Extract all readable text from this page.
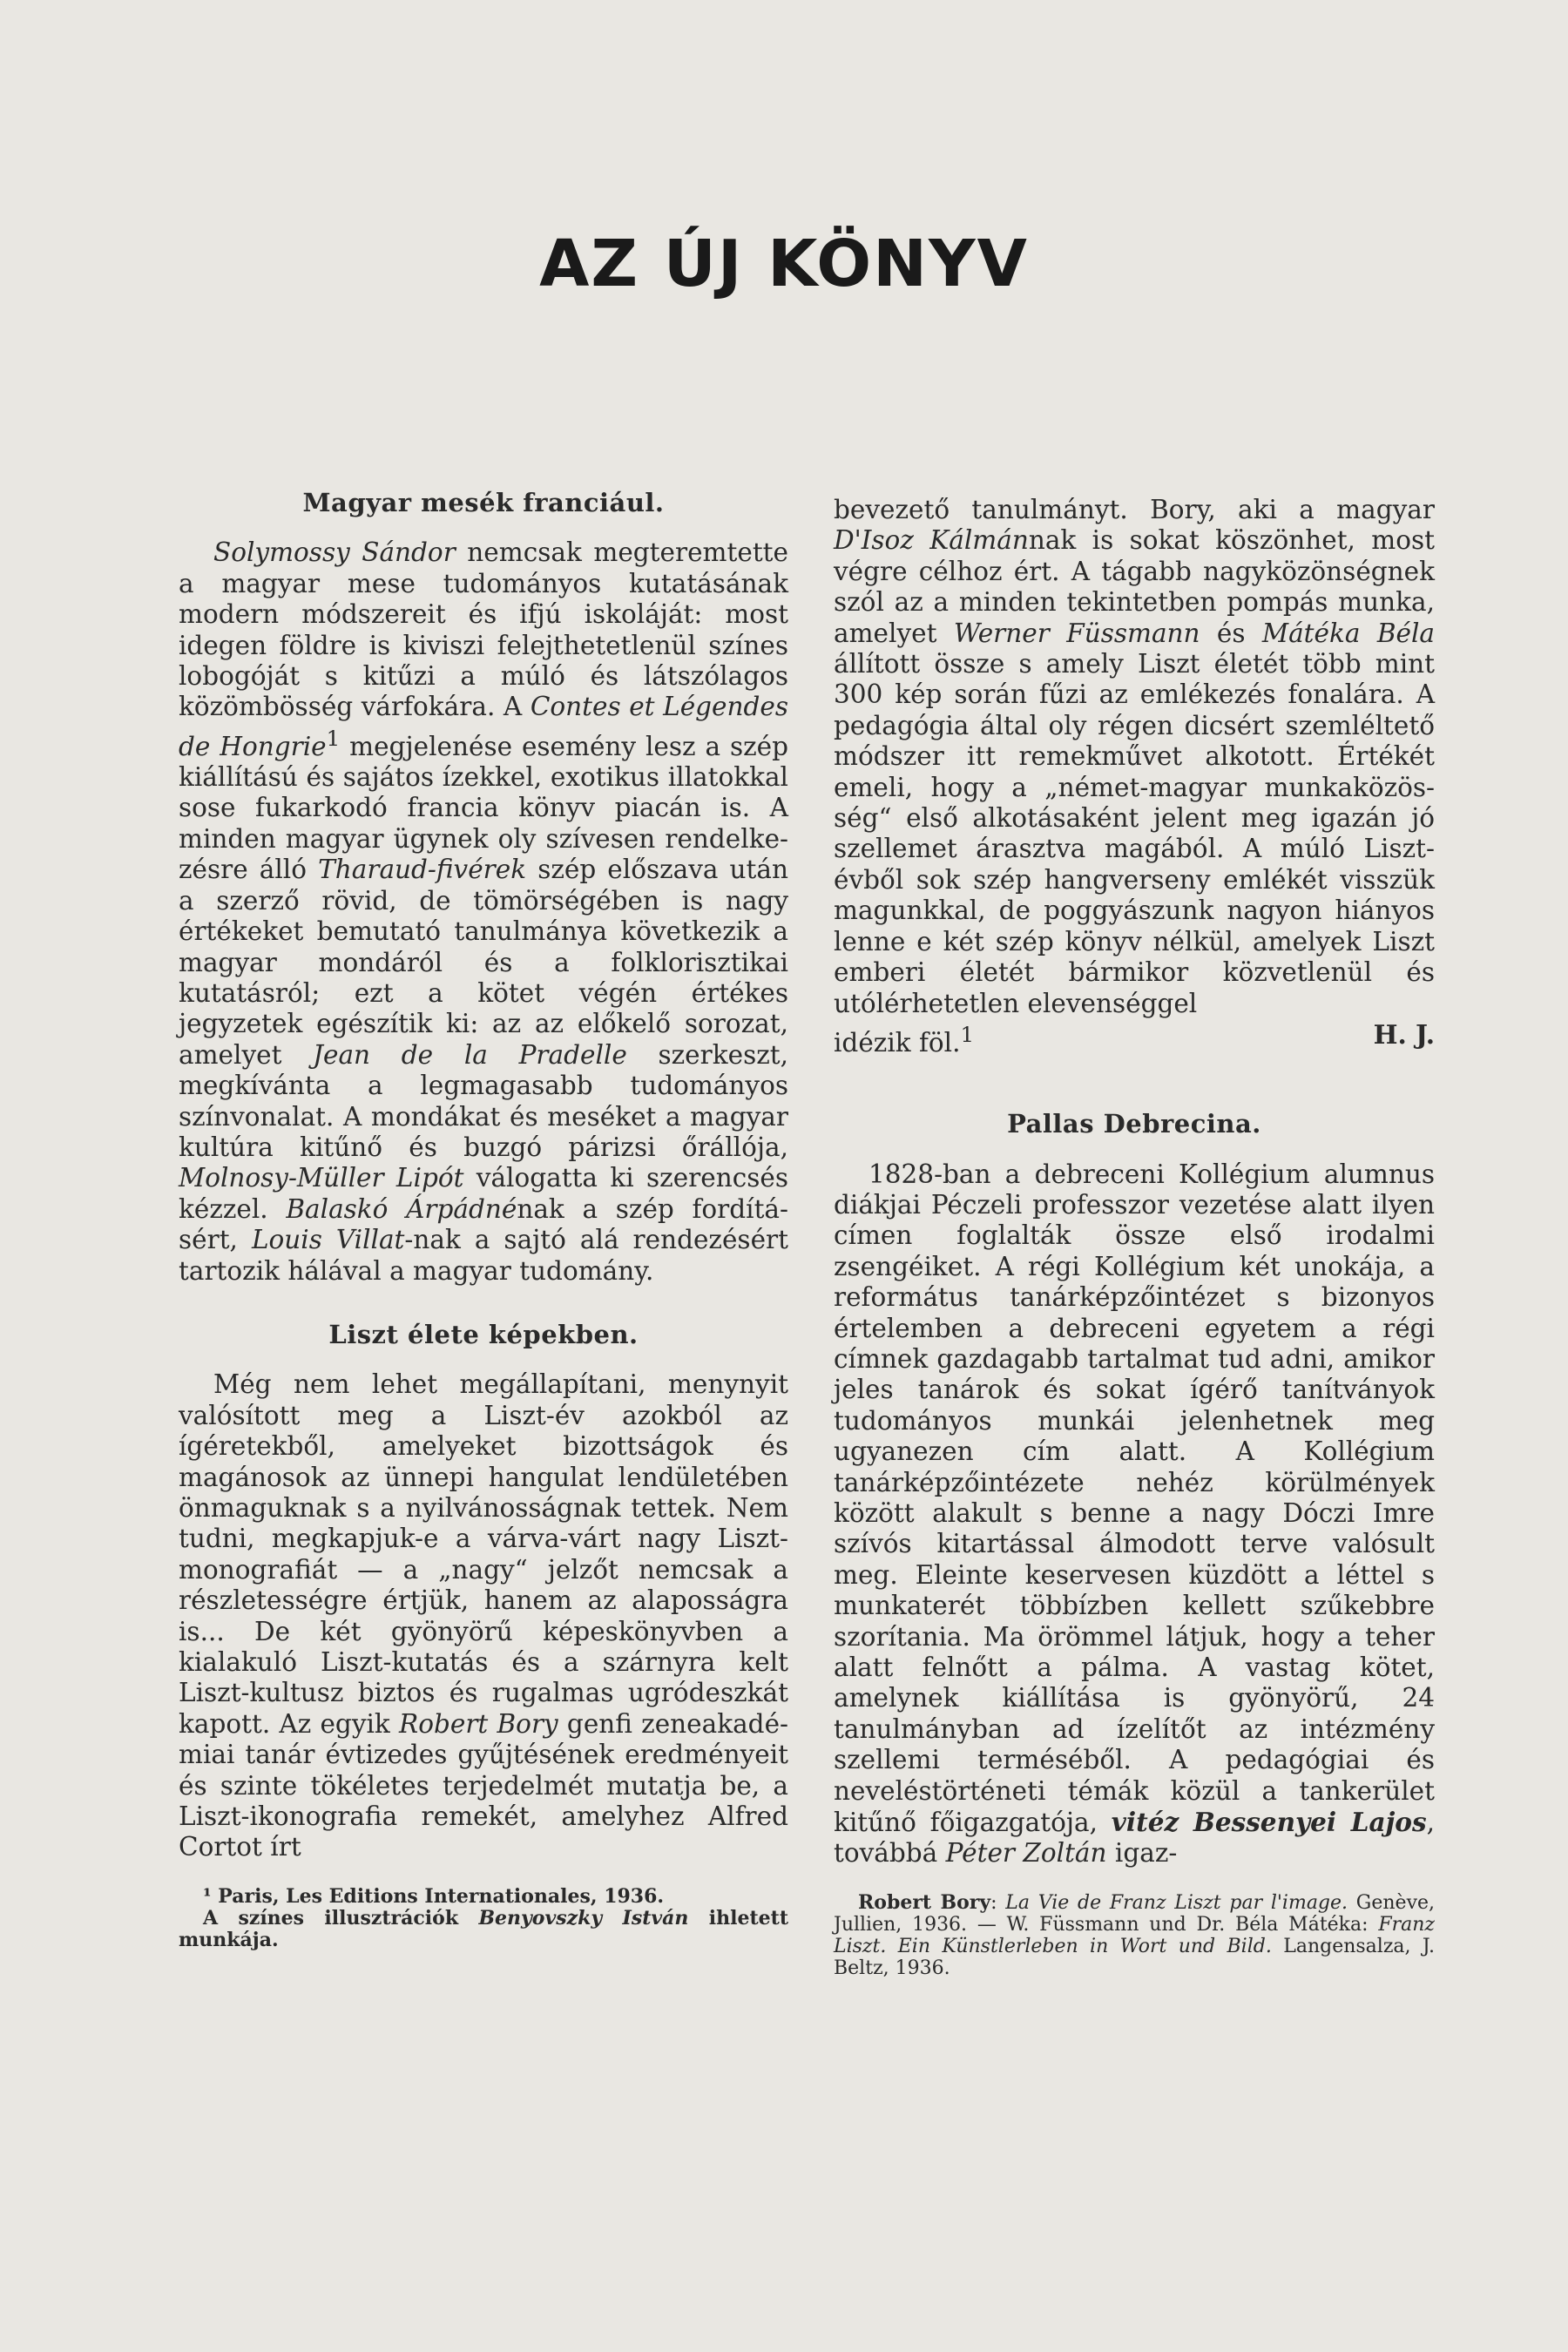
AZ ÚJ KÖNYV
Magyar mesék franciául.

Solymossy Sándor nemcsak megteremtette a magyar mese tudományos kutatásának modern módszereit és ifjú iskoláját: most idegen földre is kiviszi felejthetetlenül színes lobogóját s kitűzi a múló és látszólagos közömbösség várfokára. A Contes et Légendes de Hongrie$^1$ megjelenése esemény lesz a szép kiállítású és sajátos ízekkel, exotikus illatokkal sose fukarkodó francia könyv piacán is. A minden magyar ügynek oly szívesen rendelkezésre álló Tharaud-fivérek szép előszava után a szerző rövid, de tömörségében is nagy értékeket bemutató tanulmánya következik a magyar mondáról és a folklorisztikai kutatásról; ezt a kötet végén értékes jegyzetek egészítik ki: az az előkelő sorozat, amelyet Jean de la Pradelle szerkeszt, megkívánta a legmagasabb tudományos színvonalat. A mondákat és meséket a magyar kultúra kitűnő és buzgó párizsi őrállója, Molnosy-Müller Lipót válogatta ki szerencsés kézzel. Balaskó Árpádnénak a szép fordításért, Louis Villat-nak a sajtó alá rendezésért tartozik hálával a magyar tudomány.

Liszt élete képekben.

Még nem lehet megállapítani, menynyit valósított meg a Liszt-év azokból az ígéretekből, amelyeket bizottságok és magánosok az ünnepi hangulat lendületében önmaguknak s a nyilvánosságnak tettek. Nem tudni, megkapjuk-e a várva-várt nagy Liszt-monografiát — a „nagy“ jelzőt nemcsak a részletességre értjük, hanem az alaposságra is... De két gyönyörű képeskönyvben a kialakuló Liszt-kutatás és a szárnyra kelt Liszt-kultusz biztos és rugalmas ugródeszkát kapott. Az egyik Robert Bory genfi zeneakadémiai tanár évtizedes gyűjtésének eredményeit és szinte tökéletes terjedelmét mutatja be, a Liszt-ikonografia remekét, amelyhez Alfred Cortot írt

¹ Paris, Les Editions Internationales, 1936.

A színes illusztrációk Benyovszky István ihletett munkája.

bevezető tanulmányt. Bory, aki a magyar D'Isoz Kálmánnak is sokat köszönhet, most végre célhoz ért. A tágabb nagyközönségnek szól az a minden tekintetben pompás munka, amelyet Werner Füssmann és Mátéka Béla állított össze s amely Liszt életét több mint 300 kép során fűzi az emlékezés fonalára. A pedagógia által oly régen dicsért szemléltető módszer itt remekművet alkotott. Értékét emeli, hogy a „német-magyar munkaközösség“ első alkotásaként jelent meg igazán jó szellemet árasztva magából. A múló Liszt-évből sok szép hangverseny emlékét visszük magunkkal, de poggyászunk nagyon hiányos lenne e két szép könyv nélkül, amelyek Liszt emberi életét bármikor közvetlenül és utólérhetetlen elevenséggel

idézik föl.$^1$	H. J.

Pallas Debrecina.

1828-ban a debreceni Kollégium alumnus diákjai Péczeli professzor vezetése alatt ilyen címen foglalták össze első irodalmi zsengéiket. A régi Kollégium két unokája, a református tanárképzőintézet s bizonyos értelemben a debreceni egyetem a régi címnek gazdagabb tartalmat tud adni, amikor jeles tanárok és sokat ígérő tanítványok tudományos munkái jelenhetnek meg ugyanezen cím alatt. A Kollégium tanárképzőintézete nehéz körülmények között alakult s benne a nagy Dóczi Imre szívós kitartással álmodott terve valósult meg. Eleinte keservesen küzdött a léttel s munkaterét többízben kellett szűkebbre szorítania. Ma örömmel látjuk, hogy a teher alatt felnőtt a pálma. A vastag kötet, amelynek kiállítása is gyönyörű, 24 tanulmányban ad ízelítőt az intézmény szellemi terméséből. A pedagógiai és neveléstörténeti témák közül a tankerület kitűnő főigazgatója, vitéz Bessenyei Lajos, továbbá Péter Zoltán igaz-

Robert Bory: La Vie de Franz Liszt par l'image. Genève, Jullien, 1936. — W. Füssmann und Dr. Béla Mátéka: Franz Liszt. Ein Künstlerleben in Wort und Bild. Langensalza, J. Beltz, 1936.
